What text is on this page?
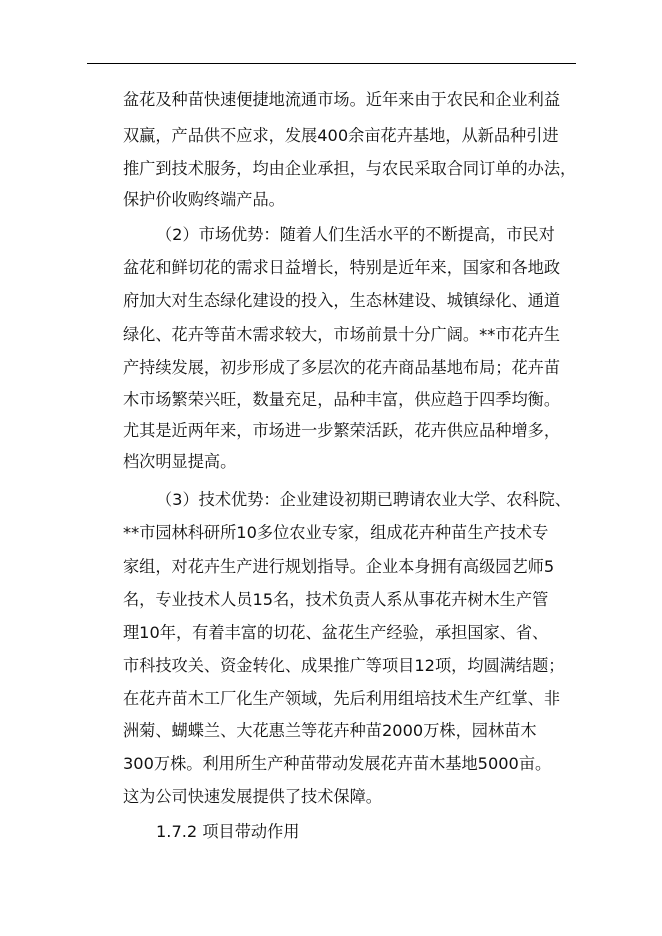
盆花及种苗快速便捷地流通市场。近年来由于农民和企业利益
双赢，产品供不应求，发展400余亩花卉基地，从新品种引进
推广到技术服务，均由企业承担，与农民采取合同订单的办法，
保护价收购终端产品。
（2）市场优势：随着人们生活水平的不断提高，市民对
盆花和鲜切花的需求日益增长，特别是近年来，国家和各地政
府加大对生态绿化建设的投入，生态林建设、城镇绿化、通道
绿化、花卉等苗木需求较大，市场前景十分广阔。**市花卉生
产持续发展，初步形成了多层次的花卉商品基地布局；花卉苗
木市场繁荣兴旺，数量充足，品种丰富，供应趋于四季均衡。
尤其是近两年来，市场进一步繁荣活跃，花卉供应品种增多，
档次明显提高。
（3）技术优势：企业建设初期已聘请农业大学、农科院、
**市园林科研所10多位农业专家，组成花卉种苗生产技术专
家组，对花卉生产进行规划指导。企业本身拥有高级园艺师5
名，专业技术人员15名，技术负责人系从事花卉树木生产管
理10年，有着丰富的切花、盆花生产经验，承担国家、省、
市科技攻关、资金转化、成果推广等项目12项，均圆满结题；
在花卉苗木工厂化生产领域，先后利用组培技术生产红掌、非
洲菊、蝴蝶兰、大花惠兰等花卉种苗2000万株，园林苗木
300万株。利用所生产种苗带动发展花卉苗木基地5000亩。
这为公司快速发展提供了技术保障。
1.7.2 项目带动作用
